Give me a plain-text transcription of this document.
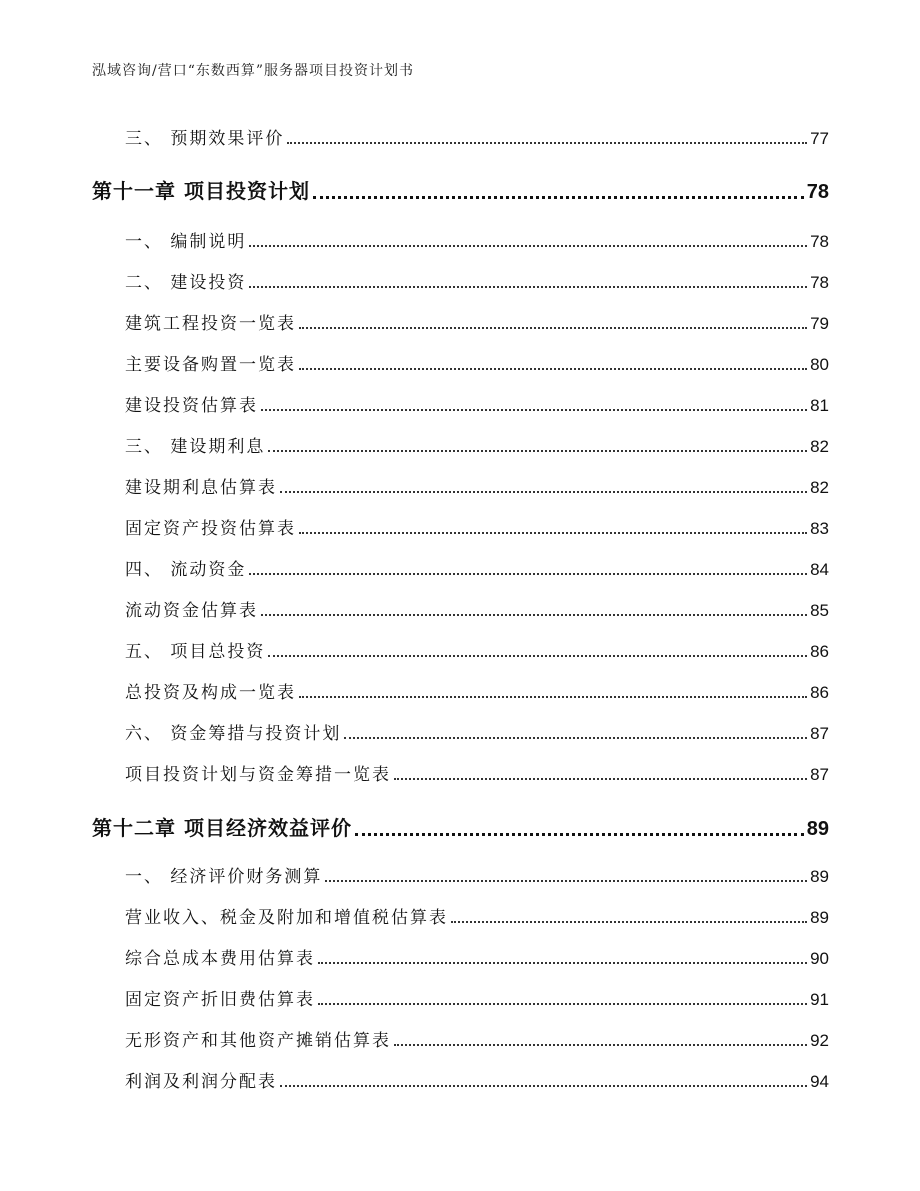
泓域咨询/营口“东数西算”服务器项目投资计划书
三、 预期效果评价	77
第十一章 项目投资计划	78
一、 编制说明	78
二、 建设投资	78
建筑工程投资一览表	79
主要设备购置一览表	80
建设投资估算表	81
三、 建设期利息	82
建设期利息估算表	82
固定资产投资估算表	83
四、 流动资金	84
流动资金估算表	85
五、 项目总投资	86
总投资及构成一览表	86
六、 资金筹措与投资计划	87
项目投资计划与资金筹措一览表	87
第十二章 项目经济效益评价	89
一、 经济评价财务测算	89
营业收入、税金及附加和增值税估算表	89
综合总成本费用估算表	90
固定资产折旧费估算表	91
无形资产和其他资产摊销估算表	92
利润及利润分配表	94
